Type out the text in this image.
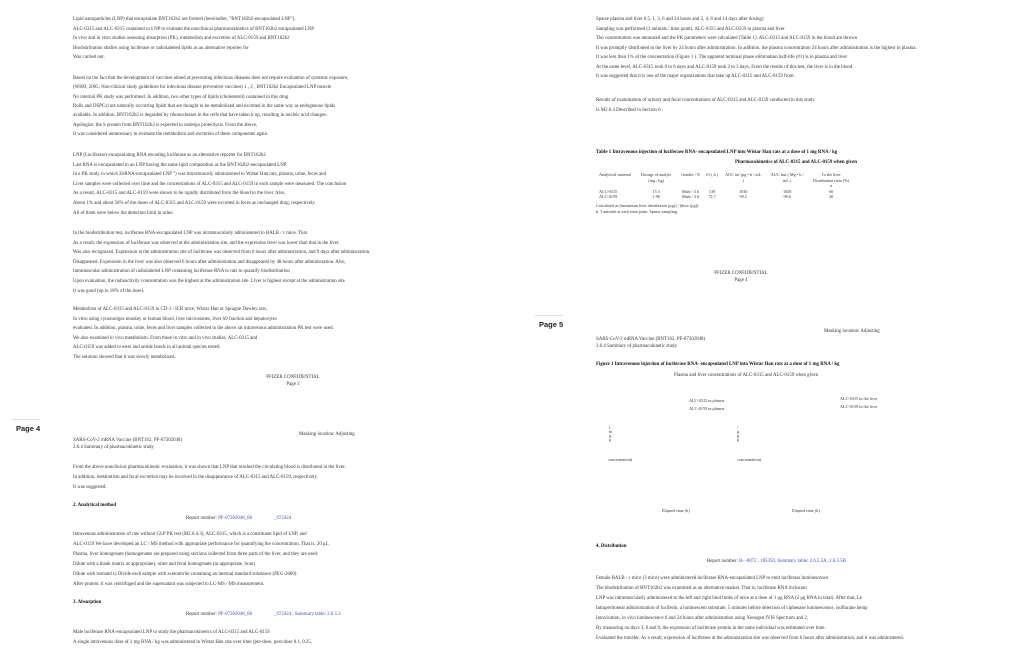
Lipid nanoparticles (LNP) that encapsulate BNT162b2 are formed (hereinafter, "BNT162b2-encapsulated LNP").
ALC-0315 and ALC-0315 contained in LNP to evaluate the nonclinical pharmacokinetics of BNT162b2 encapsulated LNP
In vivo and in vitro studies assessing absorption (PK), metabolism and excretion of ALC-0159 and BNT162b2
Biodistribution studies using luciferase or radiolabeled lipids as an alternative reporter for
Was carried out.
Based on the fact that the development of vaccines aimed at preventing infectious diseases does not require evaluation of systemic exposure,
(WHO, 2005; Non-clinical study guidelines for infectious disease preventive vaccines) 1 , 2 , BNT162b2 Encapsulated LNP muscle
No internal PK study was performed. In addition, two other types of lipids (cholesterol) contained in this drug
Rolls and DSPCs) are naturally occurring lipids that are thought to be metabolized and excreted in the same way as endogenous lipids
available. In addition, BNT162b2 is degraded by ribonucleases in the cells that have taken it up, resulting in nucleic acid changes.
Apologize, the S protein from BNT162b2 is expected to undergo proteolysis. From the above,
It was considered unnecessary to evaluate the metabolism and excretion of these components again.
LNP (Luciferase) encapsulating RNA encoding luciferase as an alternative reporter for BNT162b2
Last RNA is encapsulated in an LNP having the same lipid composition as the BNT162b2-encapsulated LNP.
In a PK study in which ZeRNA-encapsulated LNP ") was intravenously administered to Wistar Han rats, plasma, urine, feces and
Liver samples were collected over time and the concentrations of ALC-0315 and ALC-0159 in each sample were measured. The conclusion
As a result, ALC-0315 and ALC-0159 were shown to be rapidly distributed from the blood to the liver. Also,
About 1% and about 50% of the doses of ALC-0315 and ALC-0159 were excreted in feces as unchanged drug, respectively.
All of them were below the detection limit in urine.
In the biodistribution test, luciferase RNA-encapsulated LNP was intramuscularly administered to BALB / c mice. That
As a result, the expression of luciferase was observed at the administration site, and the expression level was lower than that in the liver.
Was also recognized. Expression at the administration site of luciferase was observed from 6 hours after administration, and 9 days after administration.
Disappeared. Expression in the liver was also observed 6 hours after administration and disappeared by 48 hours after administration. Also,
Intramuscular administration of radiolabeled LNP containing luciferase RNA to rats to quantify biodistribution
Upon evaluation, the radioactivity concentration was the highest at the administration site. Liver is highest except at the administration site
It was good (up to 18% of the dose).
Metabolism of ALC-0315 and ALC-0159 in CD-1 / ICR mice, Wistar Han or Sprague Dawley rats,
In vitro using cynomolgus monkey or human blood, liver microsomes, liver S9 fraction and hepatocytes
evaluated. In addition, plasma, urine, feces and liver samples collected in the above rat intravenous administration PK test were used.
We also examined in vivo metabolism. From these in vitro and in vivo studies, ALC-0315 and
ALC-0159 was added to ester and amide bonds in all animal species tested.
The solution showed that it was slowly metabolized.
PFIZER CONFIDENTIAL
Page 3
SARS-CoV-2 mRNA Vaccine (BNT162, PF-07302048)
2.6.4 Summary of pharmacokinetic study
Masking location: Adjusting
From the above nonclinical pharmacokinetic evaluation, it was shown that LNP that reached the circulating blood is distributed in the liver.
In addition, metabolism and fecal excretion may be involved in the disappearance of ALC-0315 and ALC-0159, respectively.
It was suggested.
2. Analytical method
Report number: PF-07302048_06	_072424
Intravenous administration of rats without GLP PK test (M2.6.4.3), ALC-0315, which is a constituent lipid of LNP, and
ALC-0159 We have developed an LC / MS method with appropriate performance for quantifying the concentration. That is, 20 μL
Plasma, liver homogenate (homogenates are prepared using sections collected from three parts of the liver, and they are used.
Dilute with a blank matrix as appropriate), urine and fecal homogenate (as appropriate, bran)
Dilute with isomatrix) Divide each sample with acetonitrile containing an internal standard substance (PEG-2000)
After protein, it was centrifuged and the supernatant was subjected to LC-MS / MS measurement.
3. Absorption
Report number: PF-07302048_06	_072424 , Summary table: 2.6.5.3
Male luciferase RNA-encapsulated LNP to study the pharmacokinetics of ALC-0315 and ALC-0159
A single intravenous dose of 1 mg RNA / kg was administered to Wistar Han rats over time (pre-dose, post-dose 0.1, 0.25,
Page 4
Page 5
Sparse plasma and liver 0.5, 1, 3, 6 and 24 hours and 2, 4, 8 and 14 days after dosing)
Sampling was performed (3 animals / time point). ALC-0315 and ALC-0159 in plasma and liver
The concentration was measured and the PK parameters were calculated (Table 1). ALC-0315 and ALC-0159 in the blood are thrown
It was promptly distributed to the liver by 24 hours after administration. In addition, the plasma concentration 24 hours after administration is the highest in plasma.
It was less than 1% of the concentration (Figure 1 ). The apparent terminal phase elimination half-life (t½) is in plasma and liver
At the same level, ALC-0315 took 6 to 8 days and ALC-0159 took 2 to 3 days. From the results of this test, the liver is in the blood
It was suggested that it is one of the major organizations that take up ALC-0315 and ALC-0159 from.
Results of examination of urinary and fecal concentrations of ALC-0315 and ALC-0159 conducted in this study
Is M2.6.4 Described in Section 6 .
Table 1 Intravenous injection of luciferase RNA- encapsulated LNP into Wistar Han rats at a dose of 1 mg RNA / kg
Pharmacokinetics of ALC-0315 and ALC-0159 when given
Analytical material	Dosage of analyte (mg / kg)	Gender / N	t½ ( h )	AUC inf (μg • h / mL )	AUC last ( Mg • h / mL )	To the liver Distribution ratio (%) a
ALC-0315	15.3	Male / 3 b	139	1030	1020	60
ALC-0159	1.96	Male / 3 b	72.7	99.2	98.6	20
Calculated as [maximum liver distribution (μg)] / [dose (μg)]
b. 3 animals at each time point. Sparse sampling.
PFIZER CONFIDENTIAL
Page 4
Masking location: Adjusting
SARS-CoV-2 mRNA Vaccine (BNT162, PF-07302048)
2.6.4 Summary of pharmacokinetic study
Figure 1 Intravenous injection of luciferase RNA- encapsulated LNP into Wistar Han rats at a dose of 1 mg RNA / kg
Plasma and liver concentrations of ALC-0315 and ALC-0159 when given
ALC-0315 in plasma
ALC-0159 in plasma
ALC-0315 in the liver
ALC-0159 in the liver
l
m
g
µ
/
g
g
µ
concentration)	concentration)
Elapsed time (h)	Elapsed time (h)
4. Distribution
Report number: R- -0072 , 185350, Summary table: 2.6.5.5A, 2.6.5.5B
Female BALB / c mice (3 mice) were administered luciferase RNA-encapsulated LNP to emit luciferase luminescence.
The biodistribution of BNT162b2 was examined as an alternative marker. That is, luciferase RNA inclusion
LNP was intramuscularly administered to the left and right hind limbs of mice at a dose of 1 μg RNA (2 μg RNA in total). After that, Le
Intraperitoneal administration of luciferin, a luminescent substrate, 5 minutes before detection of ciphenase luminescence, isoflurane hemp
Intoxication, in vivo luminescence 6 and 24 hours after administration using Xenogen IVIS Spectrum and 2,
By measuring on days 3, 6 and 9, the expression of luciferase protein in the same individual was estimated over time.
Evaluated the transfer. As a result, expression of luciferase at the administration site was observed from 6 hours after administration, and it was administered.
